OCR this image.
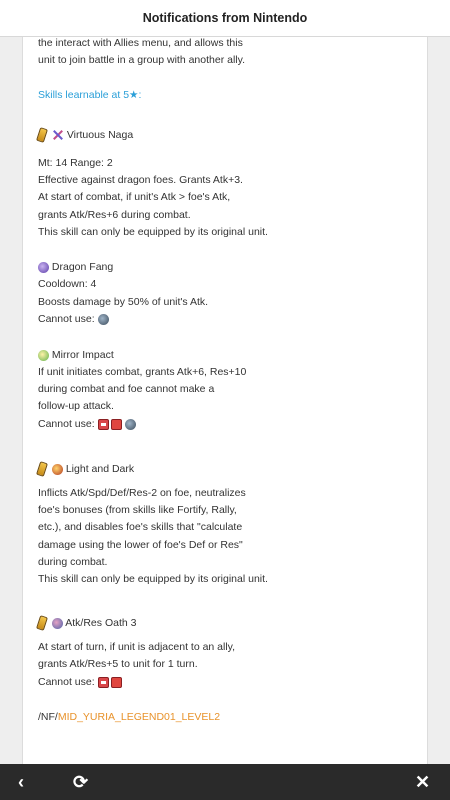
Notifications from Nintendo
the interact with Allies menu, and allows this
unit to join battle in a group with another ally.
Skills learnable at 5★:
Virtuous Naga
Mt: 14 Range: 2
Effective against dragon foes. Grants Atk+3.
At start of combat, if unit's Atk > foe's Atk,
grants Atk/Res+6 during combat.
This skill can only be equipped by its original unit.
Dragon Fang
Cooldown: 4
Boosts damage by 50% of unit's Atk.
Cannot use:
Mirror Impact
If unit initiates combat, grants Atk+6, Res+10
during combat and foe cannot make a
follow-up attack.
Cannot use:
Light and Dark
Inflicts Atk/Spd/Def/Res-2 on foe, neutralizes
foe's bonuses (from skills like Fortify, Rally,
etc.), and disables foe's skills that "calculate
damage using the lower of foe's Def or Res"
during combat.
This skill can only be equipped by its original unit.
Atk/Res Oath 3
At start of turn, if unit is adjacent to an ally,
grants Atk/Res+5 to unit for 1 turn.
Cannot use:
/NF/MID_YURIA_LEGEND01_LEVEL2
‹	⟳	✕
